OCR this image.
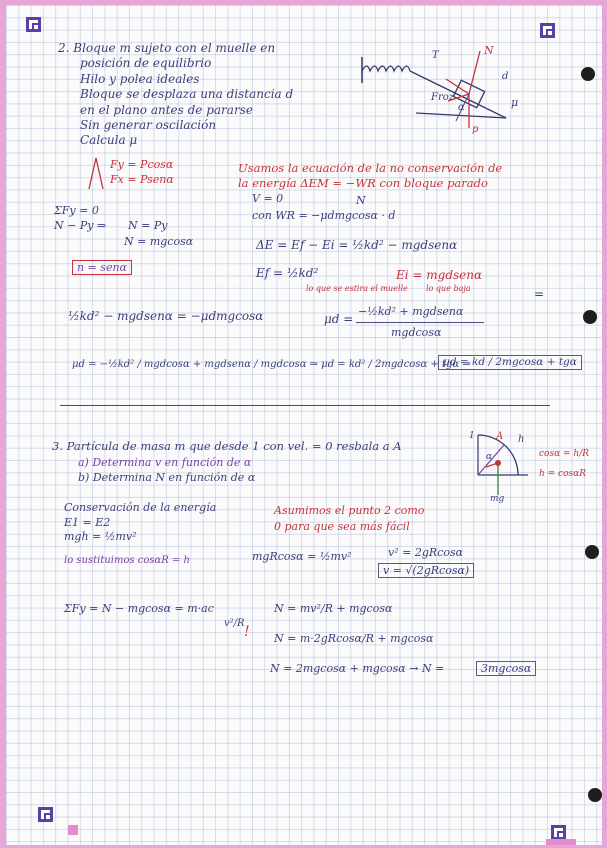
2. Bloque m sujeto con el muelle en
posición de equilibrio
Hilo y polea ideales
Bloque se desplaza una distancia d
en el plano antes de pararse
Sin generar oscilación
Calcula μ
T	N
Froz
α	μ
d
p
Fy = Pcosα
Fx = Psenα
ΣFy = 0
N − Py ⇒ N = Py
N = mgcosα
n = senα
Usamos la ecuación de la no conservación de
la energía ΔEM = −WR con bloque parado
V = 0	N
con WR = −μdmgcosα · d
ΔE = Ef − Ei = ½kd² − mgdsenα
Ef = ½kd²
lo que se estira el muelle
Ei = mgdsenα
lo que baja	=
½kd² − mgdsenα = −μdmgcosα	μd =
−½kd² + mgdsenα
mgdcosα
μd = −½kd² / mgdcosα + mgdsenα / mgdcosα ⇒ μd = kd² / 2mgdcosα + tgα ⇒
μd = kd / 2mgcosα + tgα
3. Partícula de masa m que desde 1 con vel. = 0 resbala a A
a) Determina v en función de α
b) Determina N en función de α
A
1
α
h
mg
cosα = h/R
h = cosαR
Conservación de la energía
E1 = E2
mgh = ½mv²
lo sustituimos cosαR = h
Asumimos el punto 2 como
0 para que sea más fácil
mgRcosα = ½mv²	v² = 2gRcosα
v = √(2gRcosα)
ΣFy = N − mgcosα = m·ac
v²/R
!
N = mv²/R + mgcosα
N = m·2gRcosα/R + mgcosα
N = 2mgcosα + mgcosα → N =	3mgcosα
